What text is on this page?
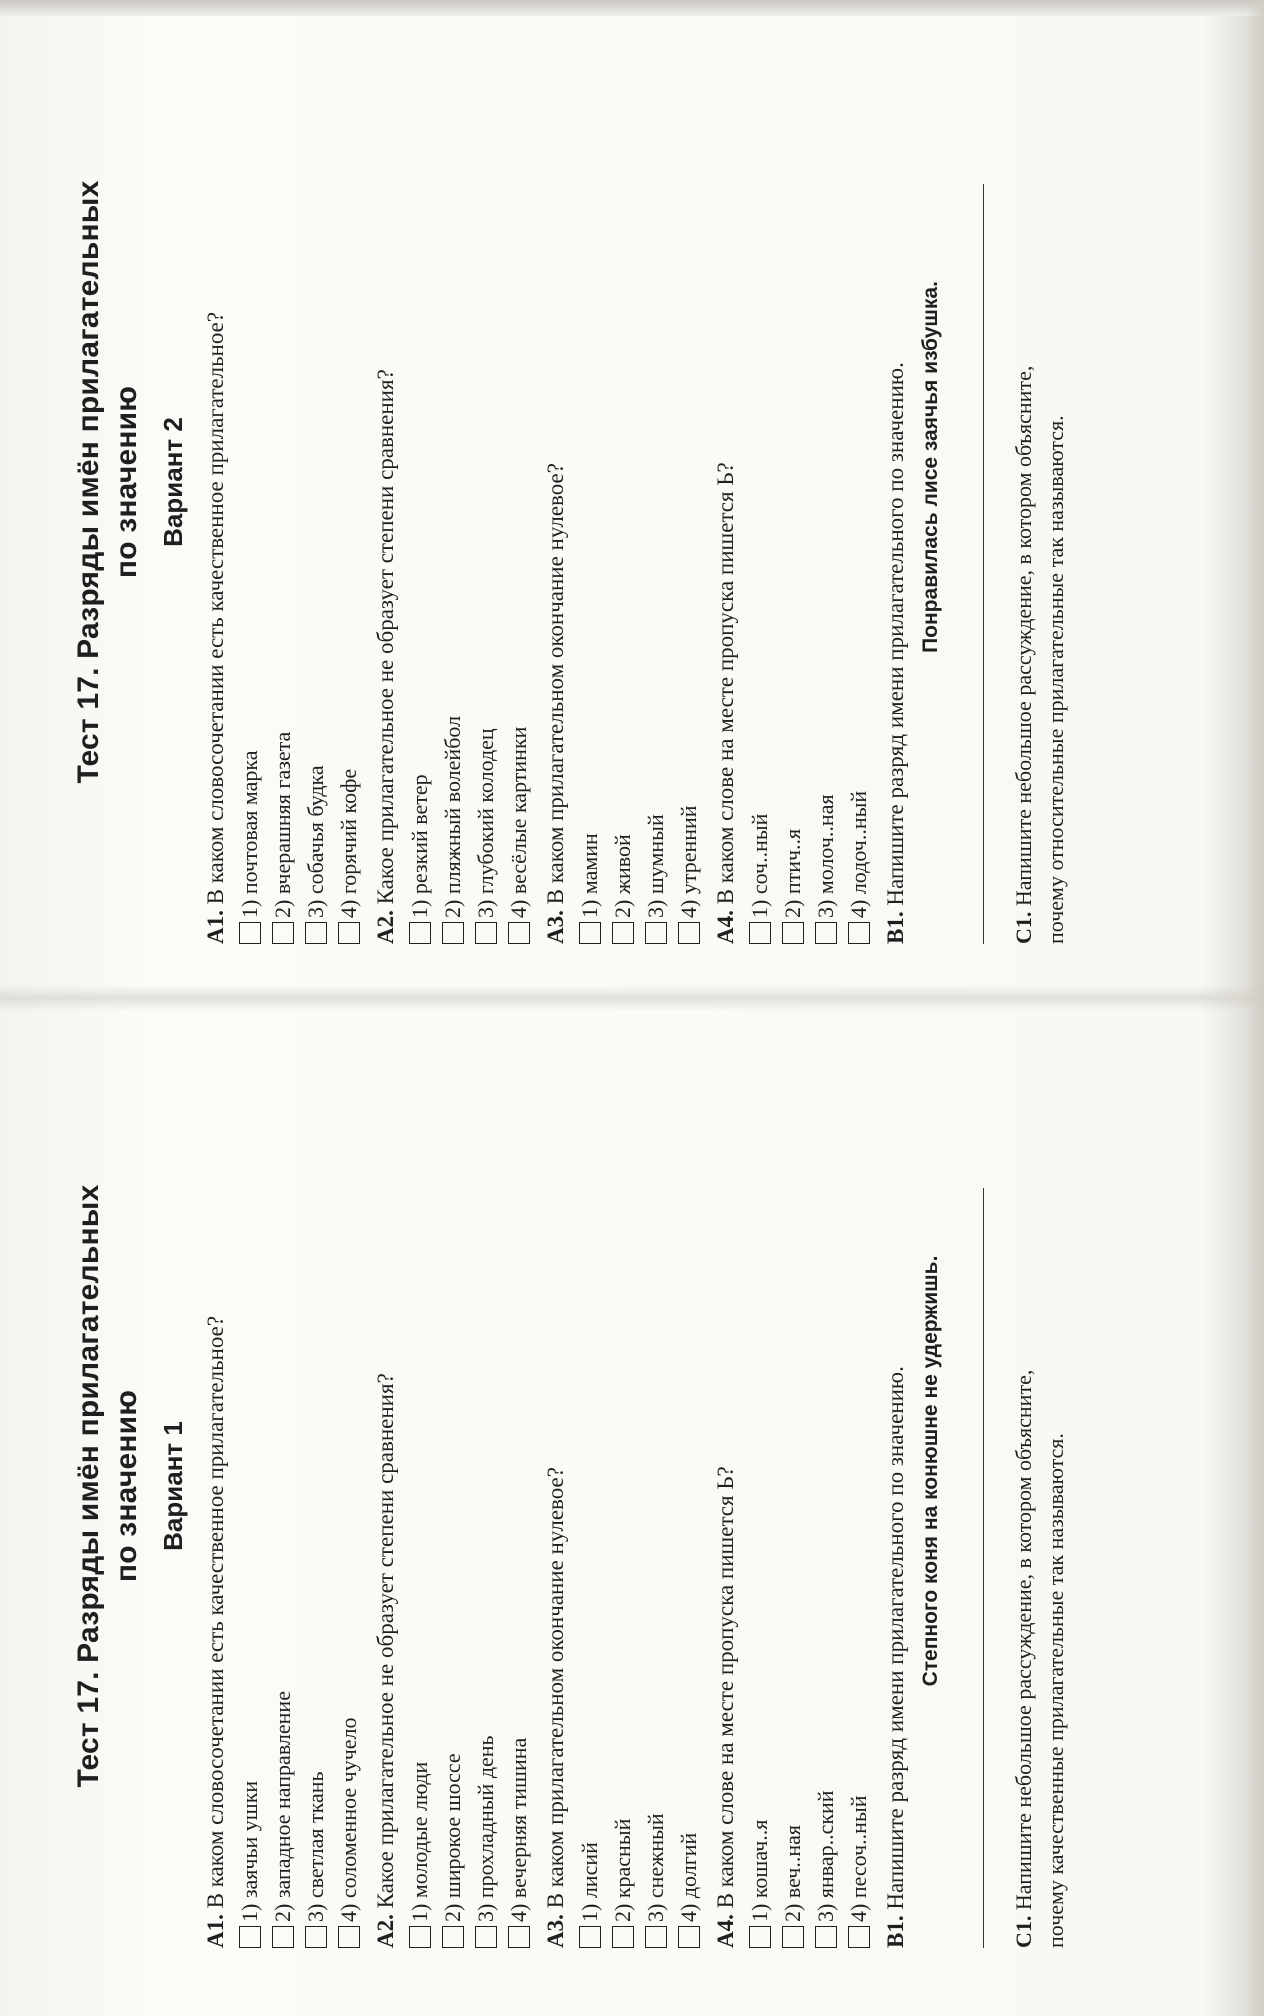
Тест 17. Разряды имён прилагательных по значению Вариант 1
A1. В каком словосочетании есть качественное прилагательное? 1) заячьи ушки 2) западное направление 3) светлая ткань 4) соломенное чучело
A2. Какое прилагательное не образует степени сравнения? 1) молодые люди 2) широкое шоссе 3) прохладный день 4) вечерняя тишина
A3. В каком прилагательном окончание нулевое? 1) лисий 2) красный 3) снежный 4) долгий
A4. В каком слове на месте пропуска пишется Ь? 1) кошач..я 2) веч..ная 3) январ..ский 4) песоч..ный
B1. Напишите разряд имени прилагательного по значению. Степного коня на конюшне не удержишь.
C1. Напишите небольшое рассуждение, в котором объясните, почему качественные прилагательные так называются.
Тест 17. Разряды имён прилагательных по значению Вариант 2
A1. В каком словосочетании есть качественное прилагательное? 1) почтовая марка 2) вчерашняя газета 3) собачья будка 4) горячий кофе
A2. Какое прилагательное не образует степени сравнения? 1) резкий ветер 2) пляжный волейбол 3) глубокий колодец 4) весёлые картинки
A3. В каком прилагательном окончание нулевое? 1) мамин 2) живой 3) шумный 4) утренний
A4. В каком слове на месте пропуска пишется Ь? 1) соч..ный 2) птич..я 3) молоч..ная 4) лодоч..ный
B1. Напишите разряд имени прилагательного по значению. Понравилась лисе заячья избушка.
C1. Напишите небольшое рассуждение, в котором объясните, почему относительные прилагательные так называются.
